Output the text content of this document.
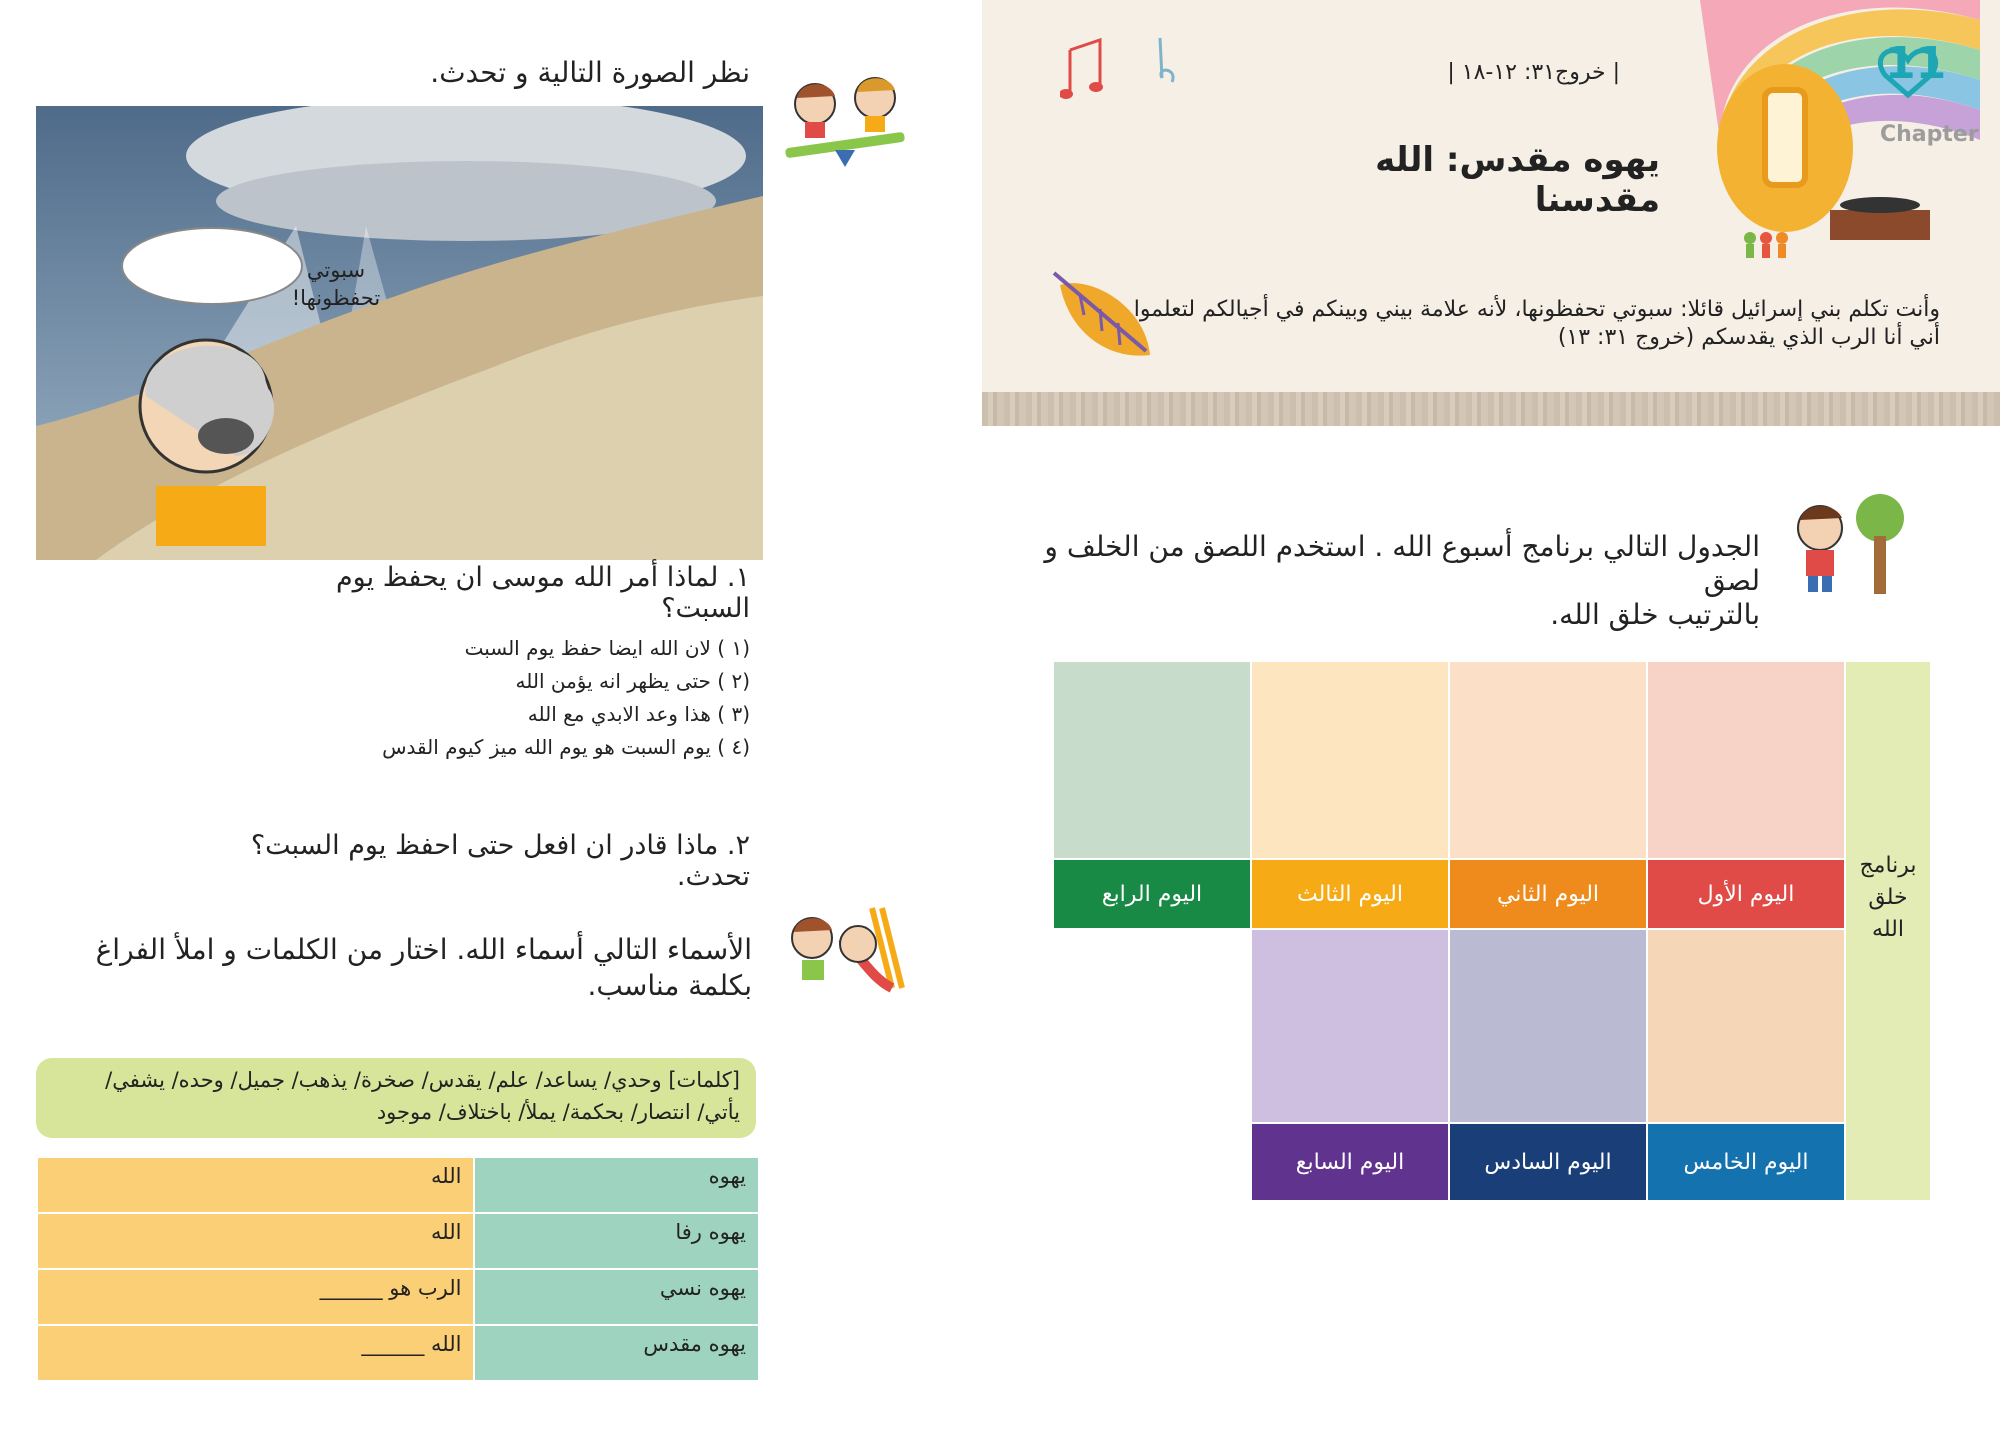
11
Chapter
| خروج٣١: ١٢-١٨ |
يهوه مقدس: الله مقدسنا
وأنت تكلم بني إسرائيل قائلا: سبوتي تحفظونها، لأنه علامة بيني وبينكم في أجيالكم لتعلموا
أني أنا الرب الذي يقدسكم (خروج ٣١: ١٣)
الجدول التالي برنامج أسبوع الله . استخدم اللصق من الخلف و لصق
بالترتيب خلق الله.
برنامج
خلق
الله
اليوم الأول
اليوم الثاني
اليوم الثالث
اليوم الرابع
اليوم الخامس
اليوم السادس
اليوم السابع
نظر الصورة التالية و تحدث.
سبوتي
تحفظونها!
١. لماذا أمر الله موسى ان يحفظ يوم السبت؟
(١ ) لان الله ايضا حفظ يوم السبت
(٢ ) حتى يظهر انه يؤمن الله
(٣ ) هذا وعد الابدي مع الله
(٤ ) يوم السبت هو يوم الله ميز كيوم القدس
٢. ماذا قادر ان افعل حتى احفظ يوم السبت؟ تحدث.
الأسماء التالي أسماء الله. اختار من الكلمات و املأ الفراغ بكلمة مناسب.
[كلمات] وحدي/ يساعد/ علم/ يقدس/ صخرة/ يذهب/ جميل/ وحده/ يشفي/
يأتي/ انتصار/ بحكمة/ يملأ/ باختلاف/ موجود
يهوه	الله
يهوه رفا	الله
يهوه نسي	الرب هو ______
يهوه مقدس	الله ______
